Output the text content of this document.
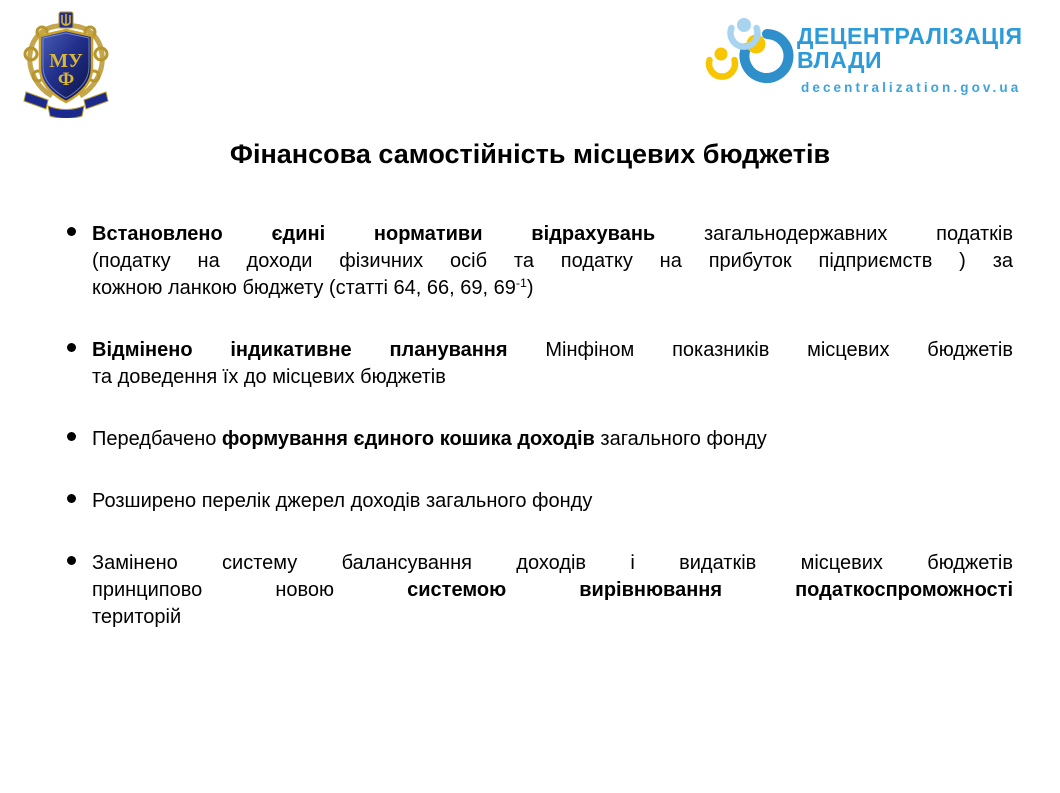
МУ
Ф
ДЕЦЕНТРАЛІЗАЦІЯ
ВЛАДИ
decentralization.gov.ua
Фінансова самостійність місцевих бюджетів
Встановлено єдині нормативи відрахувань загальнодержавних податків
(податку на доходи фізичних осіб та податку на прибуток підприємств ) за
кожною ланкою бюджету (статті 64, 66, 69, $69^{-1}$)
Відмінено індикативне планування Мінфіном показників місцевих бюджетів
та доведення їх до місцевих бюджетів
Передбачено формування єдиного кошика доходів загального фонду
Розширено перелік джерел доходів загального фонду
Замінено систему балансування доходів і видатків місцевих бюджетів
принципово новою системою вирівнювання податкоспроможності
територій
